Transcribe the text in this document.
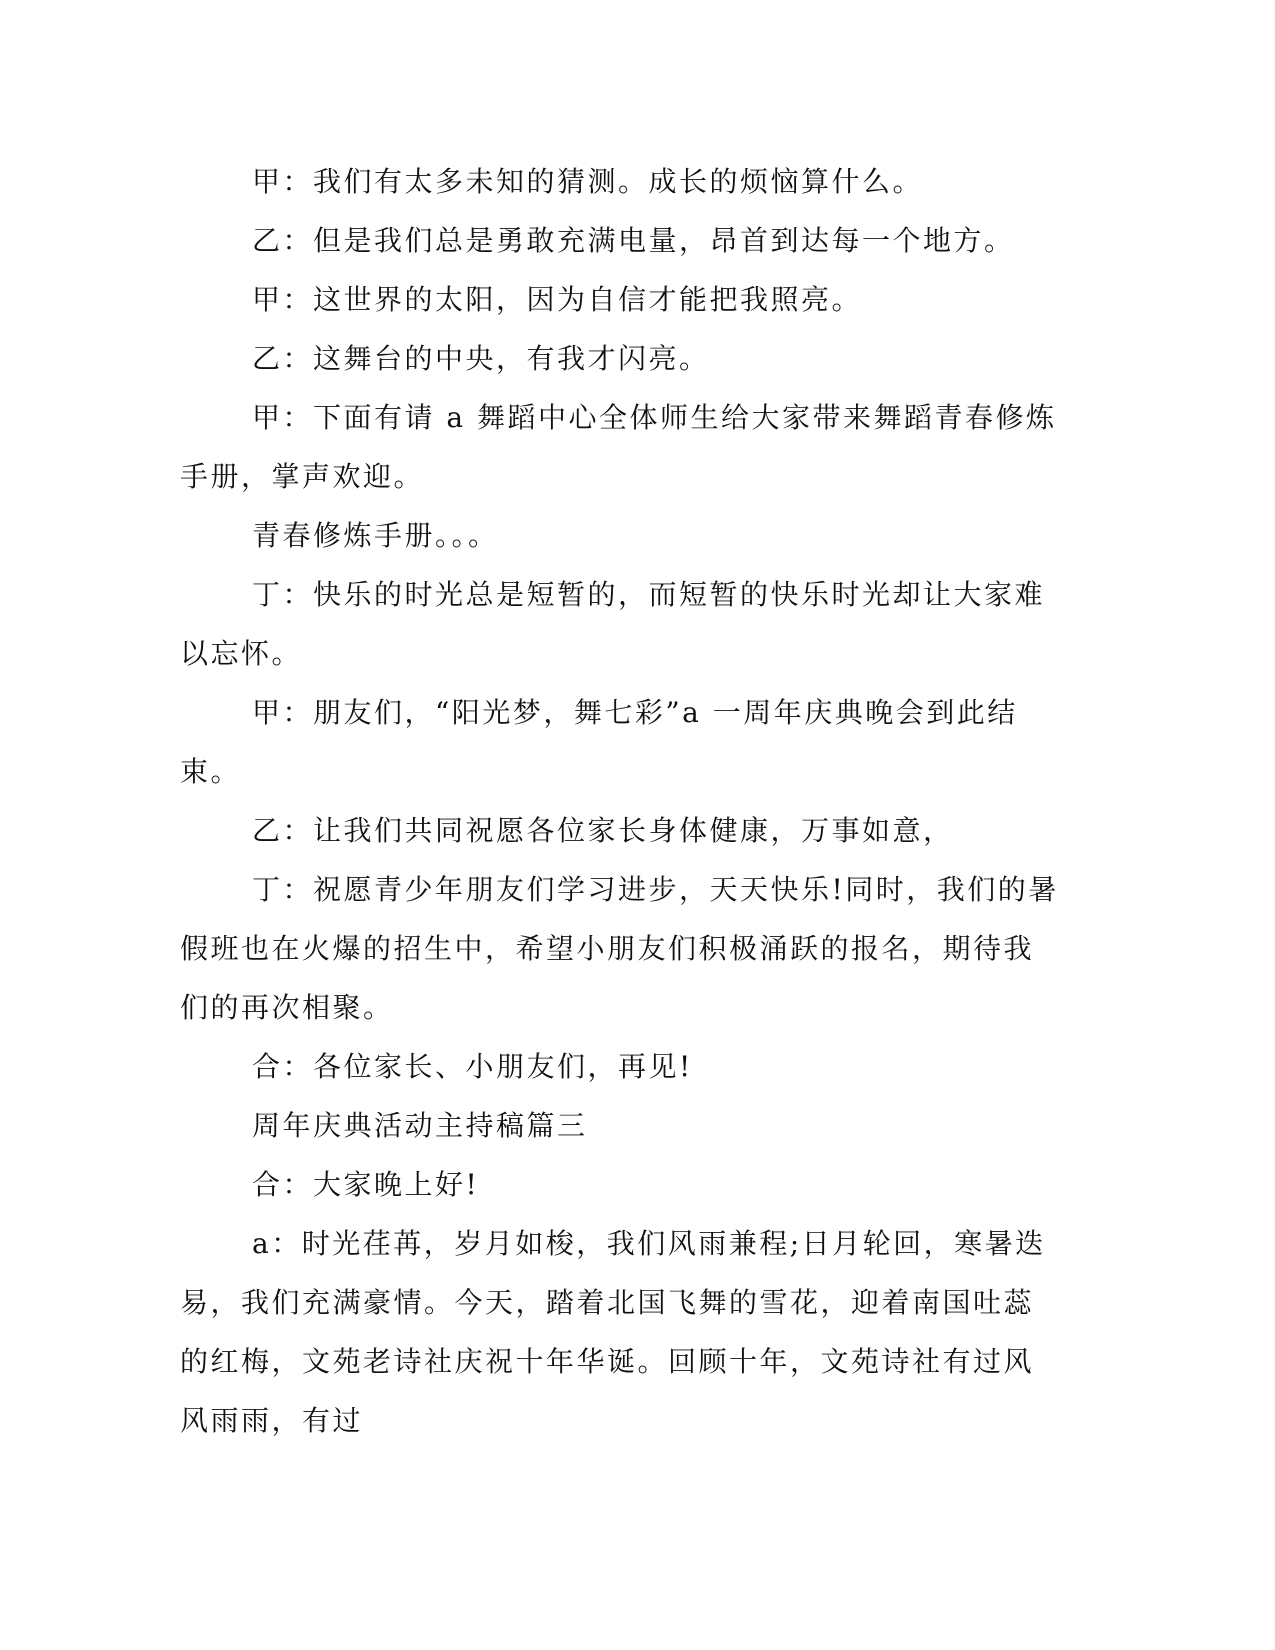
甲：我们有太多未知的猜测。成长的烦恼算什么。

乙：但是我们总是勇敢充满电量，昂首到达每一个地方。

甲：这世界的太阳，因为自信才能把我照亮。

乙：这舞台的中央，有我才闪亮。

甲：下面有请 a 舞蹈中心全体师生给大家带来舞蹈青春修炼手册，掌声欢迎。

青春修炼手册。。。

丁：快乐的时光总是短暂的，而短暂的快乐时光却让大家难以忘怀。

甲：朋友们，“阳光梦，舞七彩”a 一周年庆典晚会到此结束。

乙：让我们共同祝愿各位家长身体健康，万事如意，

丁：祝愿青少年朋友们学习进步，天天快乐!同时，我们的暑假班也在火爆的招生中，希望小朋友们积极涌跃的报名，期待我们的再次相聚。

合：各位家长、小朋友们，再见!

周年庆典活动主持稿篇三

合：大家晚上好!

a：时光荏苒，岁月如梭，我们风雨兼程;日月轮回，寒暑迭易，我们充满豪情。今天，踏着北国飞舞的雪花，迎着南国吐蕊的红梅，文苑老诗社庆祝十年华诞。回顾十年，文苑诗社有过风风雨雨，有过
